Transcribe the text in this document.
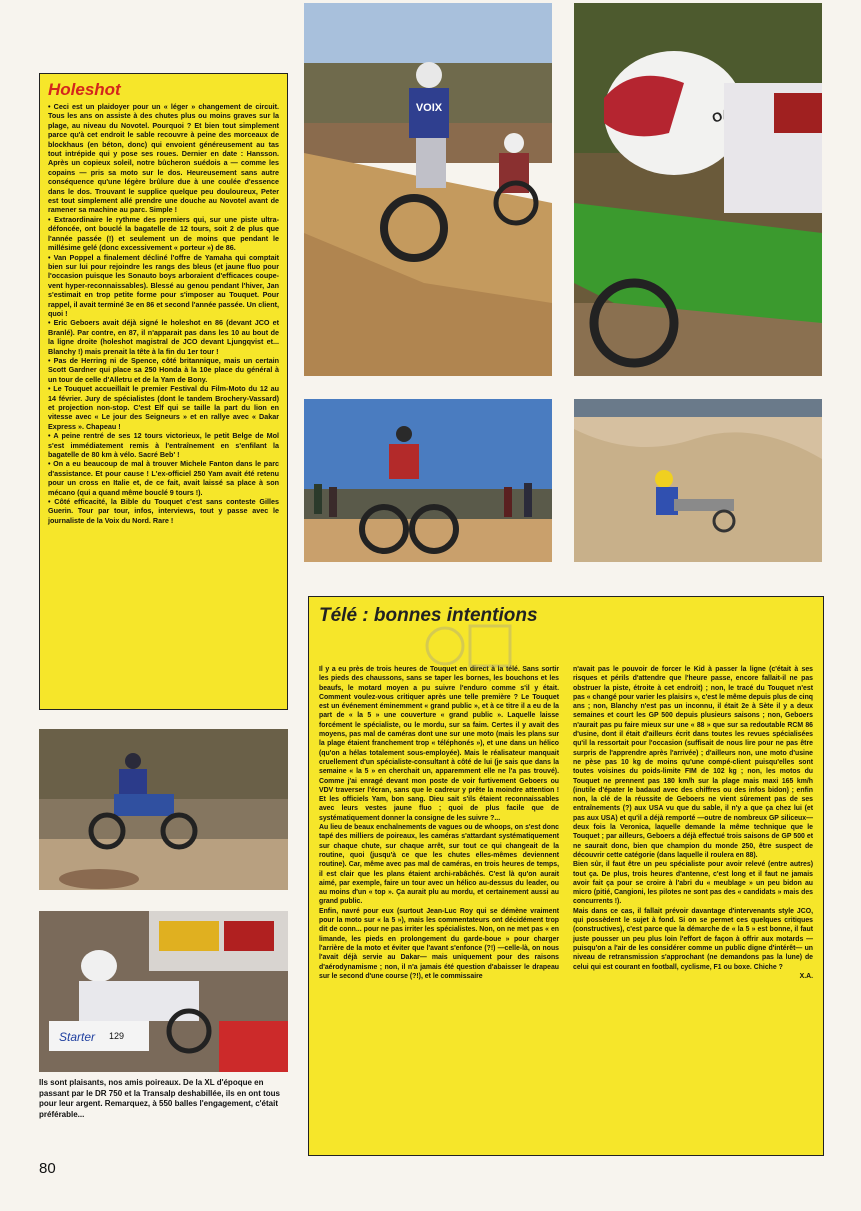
Holeshot

• Ceci est un plaidoyer pour un « léger » changement de circuit. Tous les ans on assiste à des chutes plus ou moins graves sur la plage, au niveau du Novotel. Pourquoi ? Et bien tout simplement parce qu'à cet endroit le sable recouvre à peine des morceaux de blockhaus (en béton, donc) qui envoient généreusement au tas tout intrépide qui y pose ses roues. Dernier en date : Hansson. Après un copieux soleil, notre bûcheron suédois a — comme les copains — pris sa moto sur le dos. Heureusement sans autre conséquence qu'une légère brûlure due à une coulée d'essence dans le dos. Trouvant le supplice quelque peu douloureux, Peter est tout simplement allé prendre une douche au Novotel avant de ramener sa machine au parc. Simple !

• Extraordinaire le rythme des premiers qui, sur une piste ultra-défoncée, ont bouclé la bagatelle de 12 tours, soit 2 de plus que l'année passée (!) et seulement un de moins que pendant le millésime gelé (donc excessivement « porteur ») de 86.

• Van Poppel a finalement décliné l'offre de Yamaha qui comptait bien sur lui pour rejoindre les rangs des bleus (et jaune fluo pour l'occasion puisque les Sonauto boys arboraient d'efficaces coupe-vent hyper-reconnaissables). Blessé au genou pendant l'hiver, Jan s'estimait en trop petite forme pour s'imposer au Touquet. Pour rappel, il avait terminé 3e en 86 et second l'année passée. Un client, quoi !

• Eric Geboers avait déjà signé le holeshot en 86 (devant JCO et Branlé). Par contre, en 87, il n'apparait pas dans les 10 au bout de la ligne droite (holeshot magistral de JCO devant Ljungqvist et... Blanchy !) mais prenait la tête à la fin du 1er tour !

• Pas de Herring ni de Spence, côté britannique, mais un certain Scott Gardner qui place sa 250 Honda à la 10e place du général à un tour de celle d'Alletru et de la Yam de Bony.

• Le Touquet accueillait le premier Festival du Film-Moto du 12 au 14 février. Jury de spécialistes (dont le tandem Brochery-Vassard) et projection non-stop. C'est Elf qui se taille la part du lion en vitesse avec « Le jour des Seigneurs » et en rallye avec « Dakar Express ». Chapeau !

• A peine rentré de ses 12 tours victorieux, le petit Belge de Mol s'est immédiatement remis à l'entraînement en s'enfilant la bagatelle de 80 km à vélo. Sacré Beb' !

• On a eu beaucoup de mal à trouver Michele Fanton dans le parc d'assistance. Et pour cause ! L'ex-officiel 250 Yam avait été retenu pour un cross en Italie et, de ce fait, avait laissé sa place à son mécano (qui a quand même bouclé 9 tours !).

• Côté efficacité, la Bible du Touquet c'est sans conteste Gilles Guerin. Tour par tour, infos, interviews, tout y passe avec le journaliste de la Voix du Nord. Rare !

VOIX
Télé : bonnes intentions

Il y a eu près de trois heures de Touquet en direct à la télé. Sans sortir les pieds des chaussons, sans se taper les bornes, les bouchons et les beaufs, le motard moyen a pu suivre l'enduro comme s'il y était. Comment voulez-vous critiquer après une telle première ? Le Touquet est un événement éminemment « grand public », et à ce titre il a eu de la part de « la 5 » une couverture « grand public ». Laquelle laisse forcément le spécialiste, ou le mordu, sur sa faim. Certes il y avait des moyens, pas mal de caméras dont une sur une moto (mais les plans sur la plage étaient franchement trop « téléphonés »), et une dans un hélico (qu'on a hélas totalement sous-employée). Mais le réalisateur manquait cruellement d'un spécialiste-consultant à côté de lui (je sais que dans la semaine « la 5 » en cherchait un, apparemment elle ne l'a pas trouvé). Comme j'ai enragé devant mon poste de voir furtivement Geboers ou VDV traverser l'écran, sans que le cadreur y prête la moindre attention ! Et les officiels Yam, bon sang. Dieu sait s'ils étaient reconnaissables avec leurs vestes jaune fluo ; quoi de plus facile que de systématiquement donner la consigne de les suivre ?...

Au lieu de beaux enchaînements de vagues ou de whoops, on s'est donc tapé des milliers de poireaux, les caméras s'attardant systématiquement sur chaque chute, sur chaque arrêt, sur tout ce qui changeait de la routine, quoi (jusqu'à ce que les chutes elles-mêmes deviennent routine). Car, même avec pas mal de caméras, en trois heures de temps, il est clair que les plans étaient archi-rabâchés. C'est là qu'on aurait aimé, par exemple, faire un tour avec un hélico au-dessus du leader, ou au moins d'un « top ». Ça aurait plu au mordu, et certainement aussi au grand public.

Enfin, navré pour eux (surtout Jean-Luc Roy qui se démène vraiment pour la moto sur « la 5 »), mais les commentateurs ont décidément trop dit de conn... pour ne pas irriter les spécialistes. Non, on ne met pas « en limande, les pieds en prolongement du garde-boue » pour charger l'arrière de la moto et éviter que l'avant s'enfonce (?!) —celle-là, on nous l'avait déjà servie au Dakar— mais uniquement pour des raisons d'aérodynamisme ; non, il n'a jamais été question d'abaisser le drapeau sur le second d'une course (?!), et le commissaire

n'avait pas le pouvoir de forcer le Kid à passer la ligne (c'était à ses risques et périls d'attendre que l'heure passe, encore fallait-il ne pas obstruer la piste, étroite à cet endroit) ; non, le tracé du Touquet n'est pas « changé pour varier les plaisirs », c'est le même depuis plus de cinq ans ; non, Blanchy n'est pas un inconnu, il était 2e à Sète il y a deux semaines et court les GP 500 depuis plusieurs saisons ; non, Geboers n'aurait pas pu faire mieux sur une « 88 » que sur sa redoutable RCM 86 d'usine, dont il était d'ailleurs écrit dans toutes les revues spécialisées qu'il la ressortait pour l'occasion (suffisait de nous lire pour ne pas être surpris de l'apprendre après l'arrivée) ; d'ailleurs non, une moto d'usine ne pèse pas 10 kg de moins qu'une compé-client puisqu'elles sont toutes voisines du poids-limite FIM de 102 kg ; non, les motos du Touquet ne prennent pas 180 km/h sur la plage mais maxi 165 km/h (inutile d'épater le badaud avec des chiffres ou des infos bidon) ; enfin non, la clé de la réussite de Geboers ne vient sûrement pas de ses entraînements (?) aux USA vu que du sable, il n'y a que ça chez lui (et pas aux USA) et qu'il a déjà remporté —outre de nombreux GP siliceux— deux fois la Veronica, laquelle demande la même technique que le Touquet ; par ailleurs, Geboers a déjà effectué trois saisons de GP 500 et ne saurait donc, bien que champion du monde 250, être suspect de découvrir cette catégorie (dans laquelle il roulera en 88).

Bien sûr, il faut être un peu spécialiste pour avoir relevé (entre autres) tout ça. De plus, trois heures d'antenne, c'est long et il faut ne jamais avoir fait ça pour se croire à l'abri du « meublage » un peu bidon au micro (pitié, Cangioni, les pilotes ne sont pas des « candidats » mais des concurrents !).

Mais dans ce cas, il fallait prévoir davantage d'intervenants style JCO, qui possèdent le sujet à fond. Si on se permet ces quelques critiques (constructives), c'est parce que la démarche de « la 5 » est bonne, il faut juste pousser un peu plus loin l'effort de façon à offrir aux motards —puisqu'on a l'air de les considérer comme un public digne d'intérêt— un niveau de retransmission s'approchant (ne demandons pas la lune) de celui qui est courant en football, cyclisme, F1 ou boxe. Chiche ?

X.A.

Starter 129
Ils sont plaisants, nos amis poireaux. De la XL d'époque en passant par le DR 750 et la Transalp deshabillée, ils en ont tous pour leur argent. Remarquez, à 550 balles l'engagement, c'était préférable...
80
